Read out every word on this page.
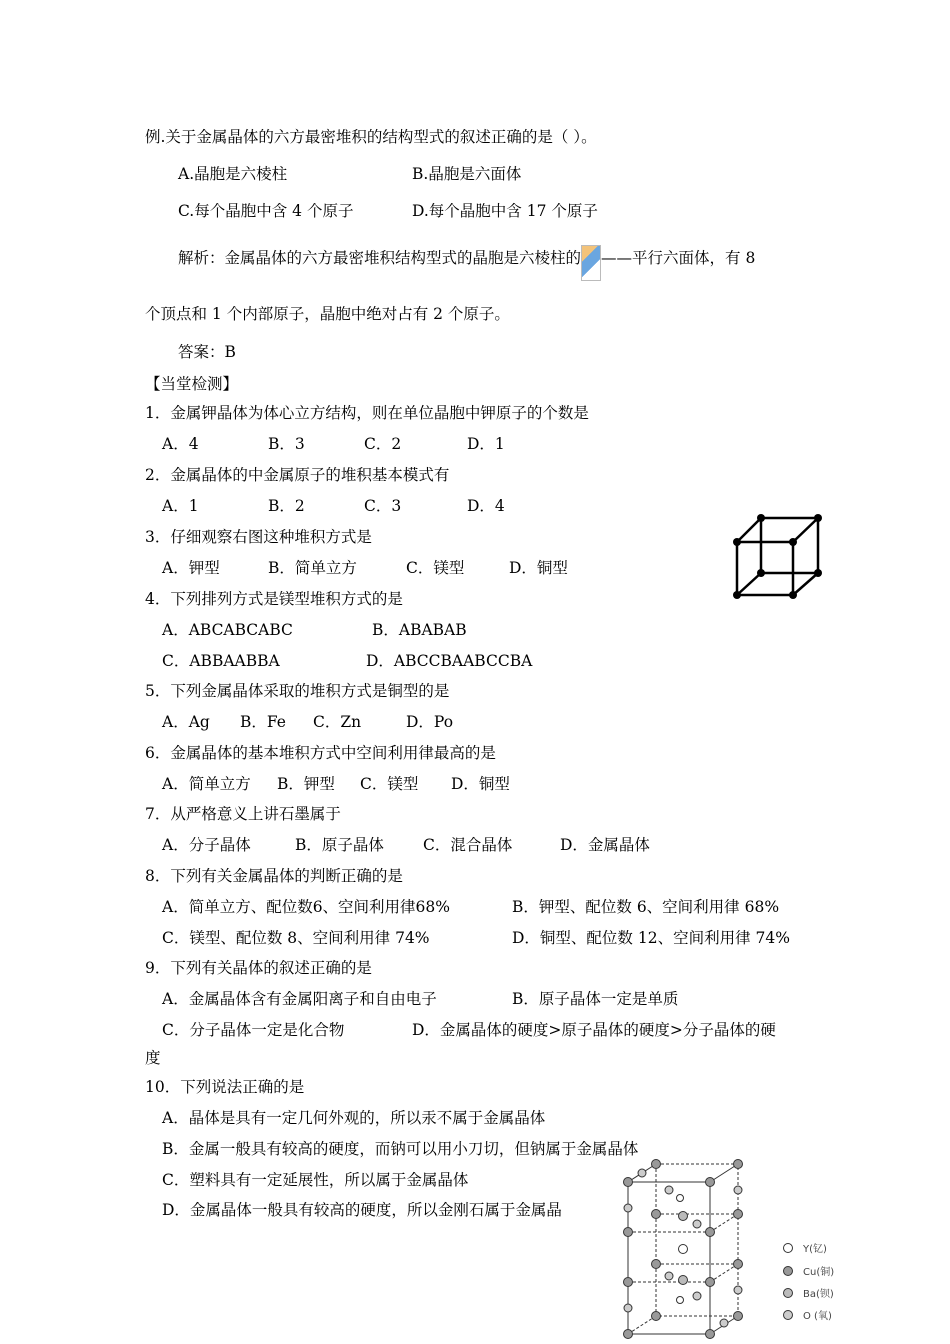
例.关于金属晶体的六方最密堆积的结构型式的叙述正确的是（ ）。
A.晶胞是六棱柱	B.晶胞是六面体
C.每个晶胞中含 4 个原子	D.每个晶胞中含 17 个原子
解析：金属晶体的六方最密堆积结构型式的晶胞是六棱柱的 ——平行六面体，有 8
个顶点和 1 个内部原子，晶胞中绝对占有 2 个原子。
答案：B
【当堂检测】
1．金属钾晶体为体心立方结构，则在单位晶胞中钾原子的个数是
A．4	B．3	C．2	D．1
2．金属晶体的中金属原子的堆积基本模式有
A．1	B．2	C．3	D．4
3．仔细观察右图这种堆积方式是
A．钾型	B．简单立方	C．镁型	D．铜型
4．下列排列方式是镁型堆积方式的是
A．ABCABCABC	B．ABABAB
C．ABBAABBA	D．ABCCBAABCCBA
5．下列金属晶体采取的堆积方式是铜型的是
A．Ag B．Fe C．Zn	D．Po
6．金属晶体的基本堆积方式中空间利用律最高的是
A．简单立方 B．钾型 C．镁型 D．铜型
7．从严格意义上讲石墨属于
A．分子晶体	B．原子晶体	C．混合晶体	D．金属晶体
8．下列有关金属晶体的判断正确的是
A．简单立方、配位数6、空间利用律68%	B．钾型、配位数 6、空间利用律 68%
C．镁型、配位数 8、空间利用律 74%	D．铜型、配位数 12、空间利用律 74%
9．下列有关晶体的叙述正确的是
A．金属晶体含有金属阳离子和自由电子	B．原子晶体一定是单质
C．分子晶体一定是化合物	D．金属晶体的硬度>原子晶体的硬度>分子晶体的硬
度
10．下列说法正确的是
A．晶体是具有一定几何外观的，所以汞不属于金属晶体
B．金属一般具有较高的硬度，而钠可以用小刀切，但钠属于金属晶体
C．塑料具有一定延展性，所以属于金属晶体
D．金属晶体一般具有较高的硬度，所以金刚石属于金属晶
Y(钇)
Cu(铜)
Ba(钡)
O (氧)
